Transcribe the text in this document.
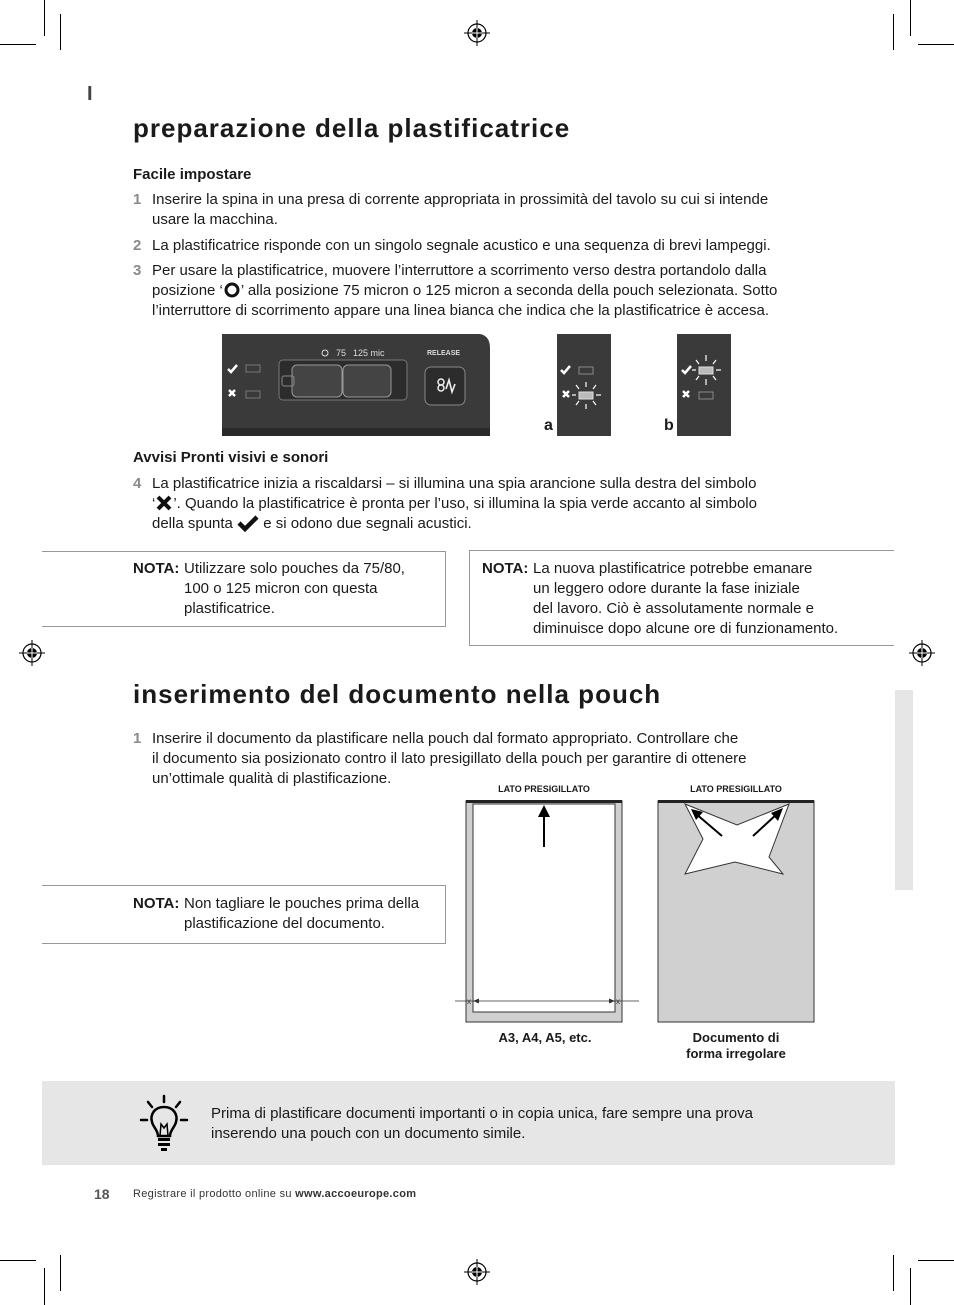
I
preparazione della plastificatrice
Facile impostare
1 Inserire la spina in una presa di corrente appropriata in prossimità del tavolo su cui si intende
usare la macchina.
2 La plastificatrice risponde con un singolo segnale acustico e una sequenza di brevi lampeggi.
3 Per usare la plastificatrice, muovere l’interruttore a scorrimento verso destra portandolo dalla
posizione ‘ ’ alla posizione 75 micron o 125 micron a seconda della pouch selezionata. Sotto
l’interruttore di scorrimento appare una linea bianca che indica che la plastificatrice è accesa.
75 125 mic	RELEASE
a	b
Avvisi Pronti visivi e sonori
4 La plastificatrice inizia a riscaldarsi – si illumina una spia arancione sulla destra del simbolo
‘ ’. Quando la plastificatrice è pronta per l’uso, si illumina la spia verde accanto al simbolo
della spunta e si odono due segnali acustici.
NOTA: Utilizzare solo pouches da 75/80,
100 o 125 micron con questa
plastificatrice.
NOTA: La nuova plastificatrice potrebbe emanare
un leggero odore durante la fase iniziale
del lavoro. Ciò è assolutamente normale e
diminuisce dopo alcune ore di funzionamento.
inserimento del documento nella pouch
1 Inserire il documento da plastificare nella pouch dal formato appropriato. Controllare che
il documento sia posizionato contro il lato presigillato della pouch per garantire di ottenere
un’ottimale qualità di plastificazione.
LATO PRESIGILLATO
x	x
A3, A4, A5, etc.
LATO PRESIGILLATO
Documento di
forma irregolare
NOTA: Non tagliare le pouches prima della
plastificazione del documento.
Prima di plastificare documenti importanti o in copia unica, fare sempre una prova
inserendo una pouch con un documento simile.
18 Registrare il prodotto online su www.accoeurope.com
